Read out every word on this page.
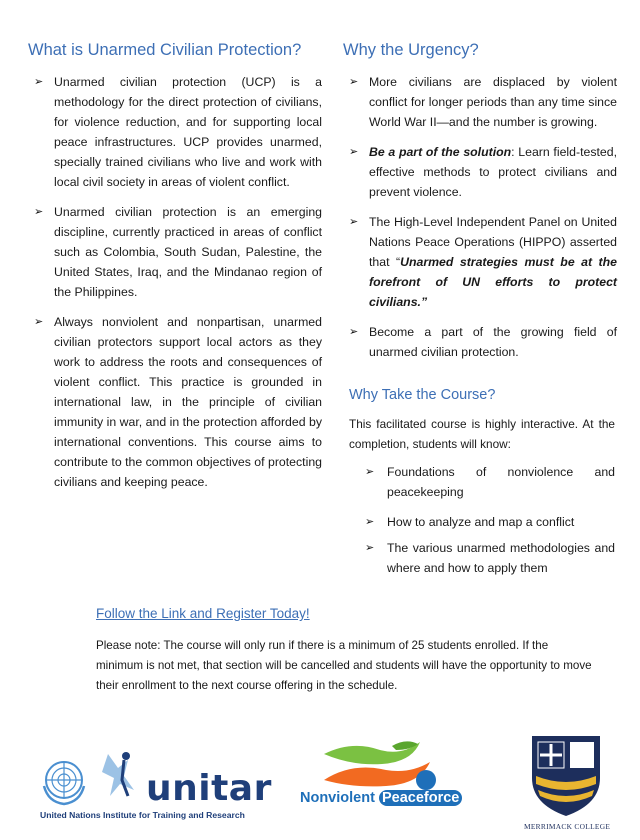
What is Unarmed Civilian Protection?
➢ Unarmed civilian protection (UCP) is a methodology for the direct protection of civilians, for violence reduction, and for supporting local peace infrastructures. UCP provides unarmed, specially trained civilians who live and work with local civil society in areas of violent conflict.
➢ Unarmed civilian protection is an emerging discipline, currently practiced in areas of conflict such as Colombia, South Sudan, Palestine, the United States, Iraq, and the Mindanao region of the Philippines.
➢ Always nonviolent and nonpartisan, unarmed civilian protectors support local actors as they work to address the roots and consequences of violent conflict. This practice is grounded in international law, in the principle of civilian immunity in war, and in the protection afforded by international conventions. This course aims to contribute to the common objectives of protecting civilians and keeping peace.
Why the Urgency?
➢ More civilians are displaced by violent conflict for longer periods than any time since World War II—and the number is growing.
➢ Be a part of the solution: Learn field-tested, effective methods to protect civilians and prevent violence.
➢ The High-Level Independent Panel on United Nations Peace Operations (HIPPO) asserted that “Unarmed strategies must be at the forefront of UN efforts to protect civilians.”
➢ Become a part of the growing field of unarmed civilian protection.
Why Take the Course?
This facilitated course is highly interactive. At the completion, students will know:
➢ Foundations of nonviolence and peacekeeping
➢ How to analyze and map a conflict
➢ The various unarmed methodologies and where and how to apply them
Follow the Link and Register Today!
Please note: The course will only run if there is a minimum of 25 students enrolled. If the minimum is not met, that section will be cancelled and students will have the opportunity to move their enrollment to the next course offering in the schedule.
unitar
United Nations Institute for Training and Research
Nonviolent Peaceforce
MERRIMACK COLLEGE
